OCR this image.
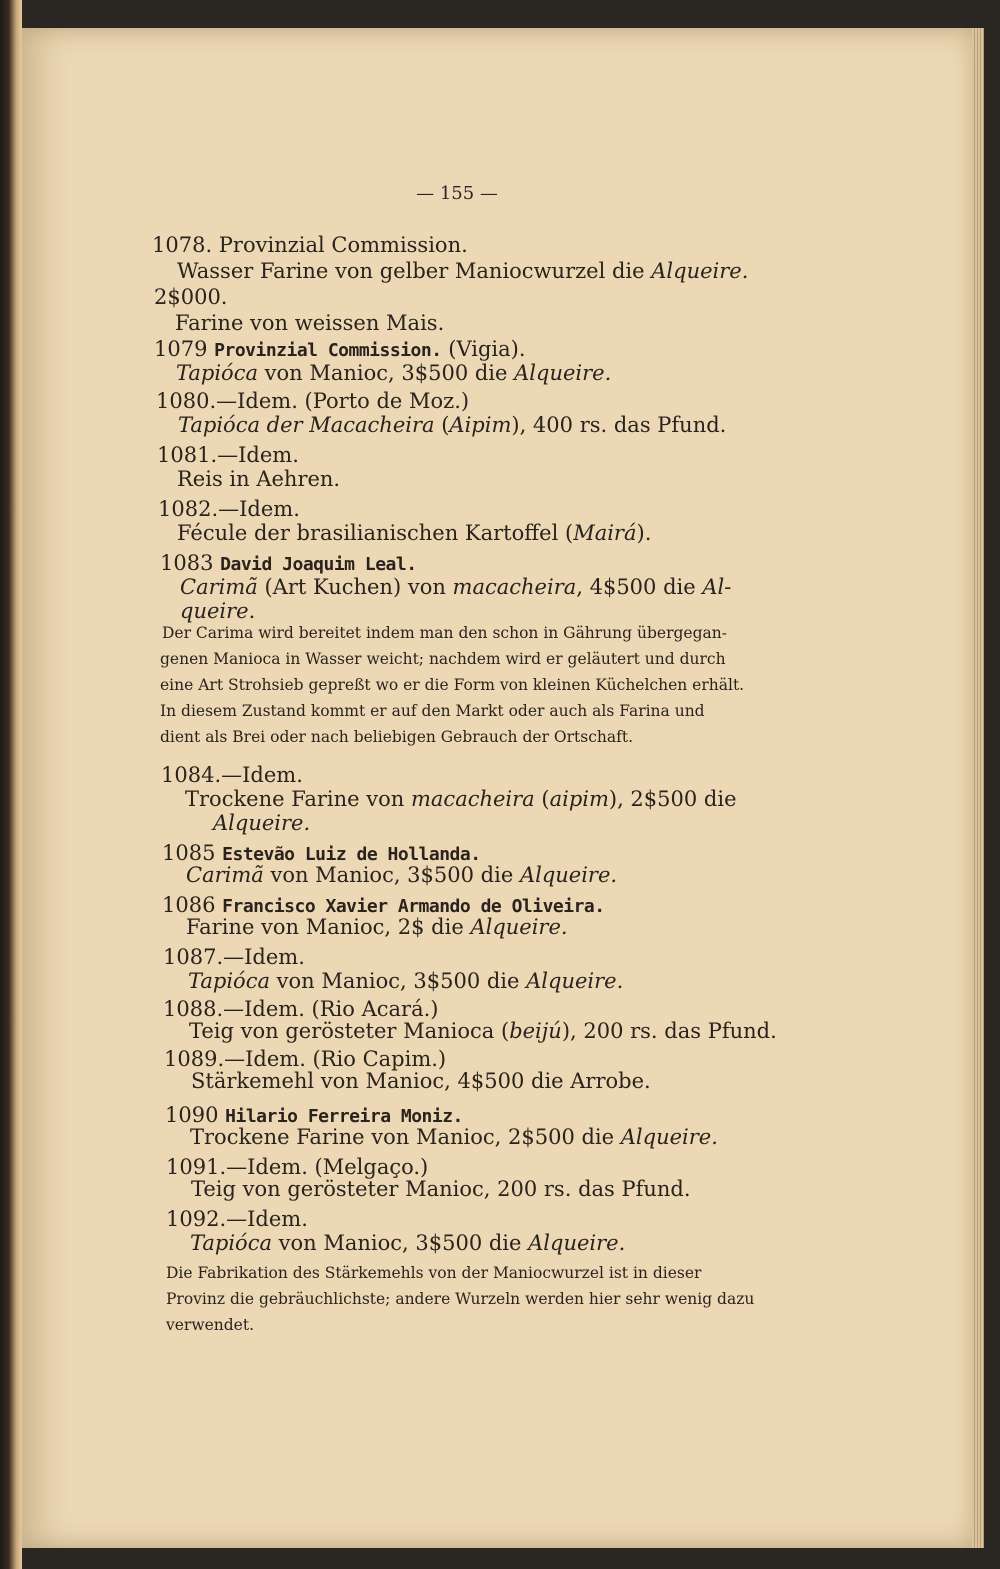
— 155 —
1078. Provinzial Commission.
Wasser Farine von gelber Maniocwurzel die Alqueire.
2$000.
Farine von weissen Mais.
1079 Provinzial Commission. (Vigia).
Tapióca von Manioc, 3$500 die Alqueire.
1080.—Idem. (Porto de Moz.)
Tapióca der Macacheira (Aipim), 400 rs. das Pfund.
1081.—Idem.
Reis in Aehren.
1082.—Idem.
Fécule der brasilianischen Kartoffel (Mairá).
1083 David Joaquim Leal.
Carimã (Art Kuchen) von macacheira, 4$500 die Al-
queire.
Der Carima wird bereitet indem man den schon in Gährung übergegan-
genen Manioca in Wasser weicht; nachdem wird er geläutert und durch
eine Art Strohsieb gepreßt wo er die Form von kleinen Küchelchen erhält.
In diesem Zustand kommt er auf den Markt oder auch als Farina und
dient als Brei oder nach beliebigen Gebrauch der Ortschaft.
1084.—Idem.
Trockene Farine von macacheira (aipim), 2$500 die
Alqueire.
1085 Estevão Luiz de Hollanda.
Carimã von Manioc, 3$500 die Alqueire.
1086 Francisco Xavier Armando de Oliveira.
Farine von Manioc, 2$ die Alqueire.
1087.—Idem.
Tapióca von Manioc, 3$500 die Alqueire.
1088.—Idem. (Rio Acará.)
Teig von gerösteter Manioca (beijú), 200 rs. das Pfund.
1089.—Idem. (Rio Capim.)
Stärkemehl von Manioc, 4$500 die Arrobe.
1090 Hilario Ferreira Moniz.
Trockene Farine von Manioc, 2$500 die Alqueire.
1091.—Idem. (Melgaço.)
Teig von gerösteter Manioc, 200 rs. das Pfund.
1092.—Idem.
Tapióca von Manioc, 3$500 die Alqueire.
Die Fabrikation des Stärkemehls von der Maniocwurzel ist in dieser
Provinz die gebräuchlichste; andere Wurzeln werden hier sehr wenig dazu
verwendet.
